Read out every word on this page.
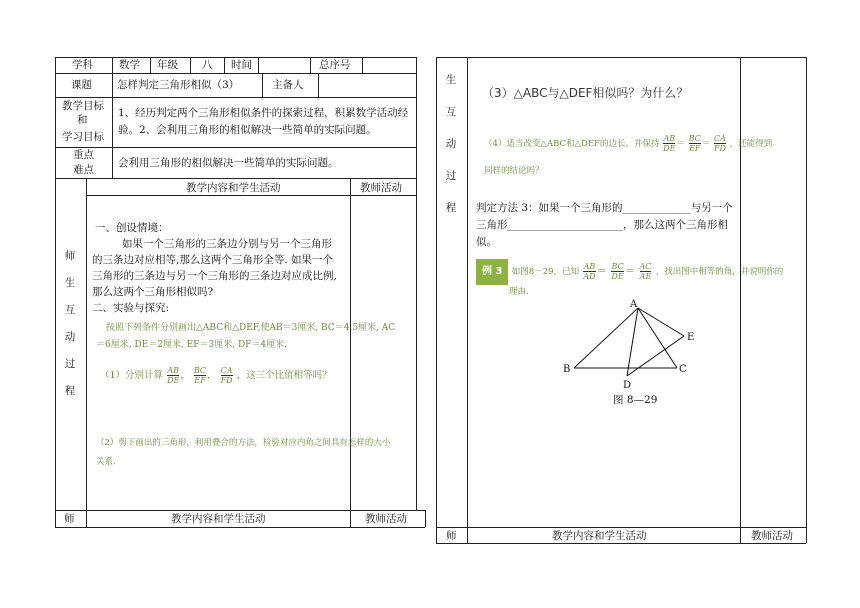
学科 数学 年级 八 时间	总序号
课题 怎样判定三角形相似（3）	主备人
教学目标
和
学习目标
1、经历判定两个三角形相似条件的探索过程，积累数学活动经
验。2、会利用三角形的相似解决一些简单的实际问题。
重点
难点
会利用三角形的相似解决一些简单的实际问题。
教学内容和学生活动	教师活动
师
生
互
动
过
程
一、创设情境：
如果一个三角形的三条边分别与另一个三角形
的三条边对应相等,那么这两个三角形全等. 如果一个
三角形的三条边与另一个三角形的三条边对应成比例,
那么这两个三角形相似吗?
二、实验与探究:
按照下列条件分别画出△ABC和△DEF,使AB＝3厘米, BC＝4.5厘米, AC
＝6厘米, DE＝2厘米, EF＝3厘米, DF＝4厘米.
（1）分别计算 $\frac{AB}{DE}$ ， $\frac{BC}{EF}$ ， $\frac{CA}{FD}$ ，这三个比值相等吗？
（2）剪下画出的三角形，利用叠合的方法，检验对应内角之间具有怎样的大小
关系.
师	教学内容和学生活动	教师活动
生
互
动
过
程
（3）△ABC与△DEF相似吗？为什么？
（4）适当改变△ABC和△DEF的边长，并保持 $\frac{AB}{DE} = \frac{BC}{EF} = \frac{CA}{FD}$ ，还能得到
同样的结论吗？
判定方法 3：如果一个三角形的_____________与另一个
三角形______________________，那么这两个三角形相
似。
例 3 如图8－29，已知 $\frac{AB}{AD} = \frac{BC}{DE} = \frac{AC}{AE}$ ，找出图中相等的角，并说明你的
理由.
A
B	C
D
E
图 8—29
师	教学内容和学生活动	教师活动
